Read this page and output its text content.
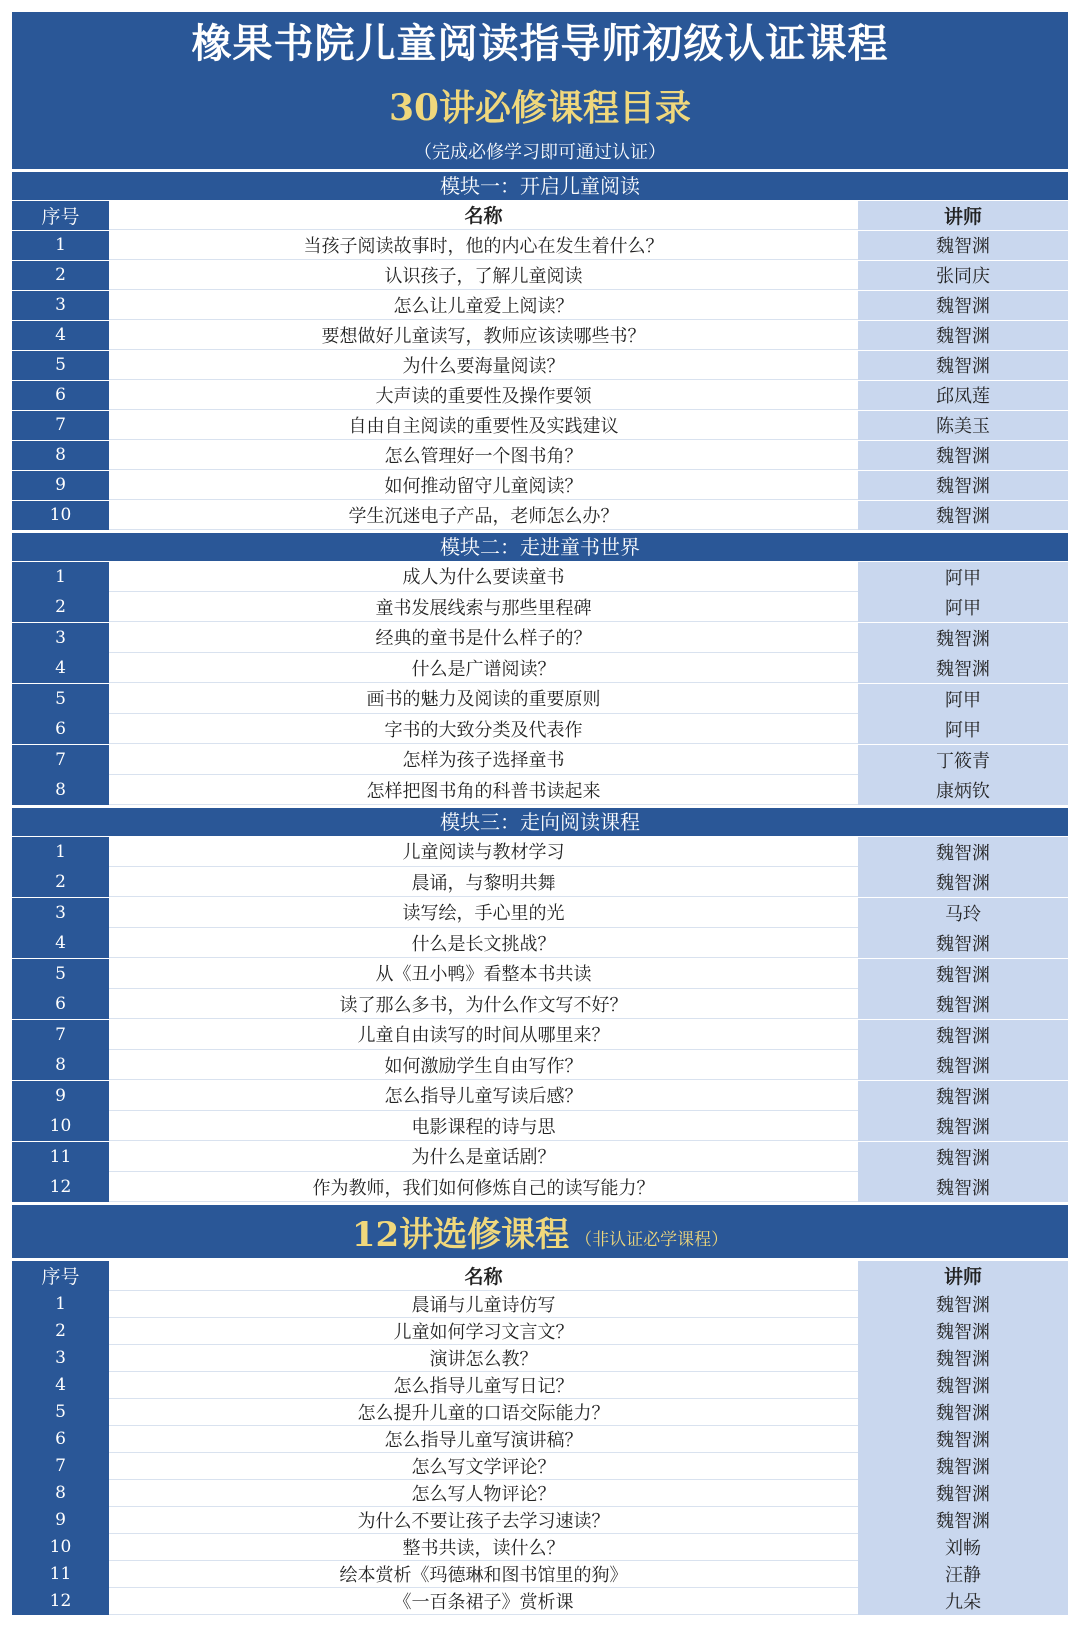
橡果书院儿童阅读指导师初级认证课程
30讲必修课程目录
（完成必修学习即可通过认证）
模块一：开启儿童阅读
序号	名称	讲师
1	当孩子阅读故事时，他的内心在发生着什么？	魏智渊
2	认识孩子，了解儿童阅读	张同庆
3	怎么让儿童爱上阅读？	魏智渊
4	要想做好儿童读写，教师应该读哪些书？	魏智渊
5	为什么要海量阅读？	魏智渊
6	大声读的重要性及操作要领	邱凤莲
7	自由自主阅读的重要性及实践建议	陈美玉
8	怎么管理好一个图书角？	魏智渊
9	如何推动留守儿童阅读？	魏智渊
10	学生沉迷电子产品，老师怎么办？	魏智渊
模块二：走进童书世界
1	成人为什么要读童书	阿甲
2	童书发展线索与那些里程碑	阿甲
3	经典的童书是什么样子的？	魏智渊
4	什么是广谱阅读？	魏智渊
5	画书的魅力及阅读的重要原则	阿甲
6	字书的大致分类及代表作	阿甲
7	怎样为孩子选择童书	丁筱青
8	怎样把图书角的科普书读起来	康炳钦
模块三：走向阅读课程
1	儿童阅读与教材学习	魏智渊
2	晨诵，与黎明共舞	魏智渊
3	读写绘，手心里的光	马玲
4	什么是长文挑战？	魏智渊
5	从《丑小鸭》看整本书共读	魏智渊
6	读了那么多书，为什么作文写不好？	魏智渊
7	儿童自由读写的时间从哪里来？	魏智渊
8	如何激励学生自由写作？	魏智渊
9	怎么指导儿童写读后感？	魏智渊
10	电影课程的诗与思	魏智渊
11	为什么是童话剧？	魏智渊
12	作为教师，我们如何修炼自己的读写能力？	魏智渊
12讲选修课程 （非认证必学课程）
序号	名称	讲师
1	晨诵与儿童诗仿写	魏智渊
2	儿童如何学习文言文？	魏智渊
3	演讲怎么教？	魏智渊
4	怎么指导儿童写日记？	魏智渊
5	怎么提升儿童的口语交际能力？	魏智渊
6	怎么指导儿童写演讲稿？	魏智渊
7	怎么写文学评论？	魏智渊
8	怎么写人物评论？	魏智渊
9	为什么不要让孩子去学习速读？	魏智渊
10	整书共读，读什么？	刘畅
11	绘本赏析《玛德琳和图书馆里的狗》	汪静
12	《一百条裙子》赏析课	九朵
